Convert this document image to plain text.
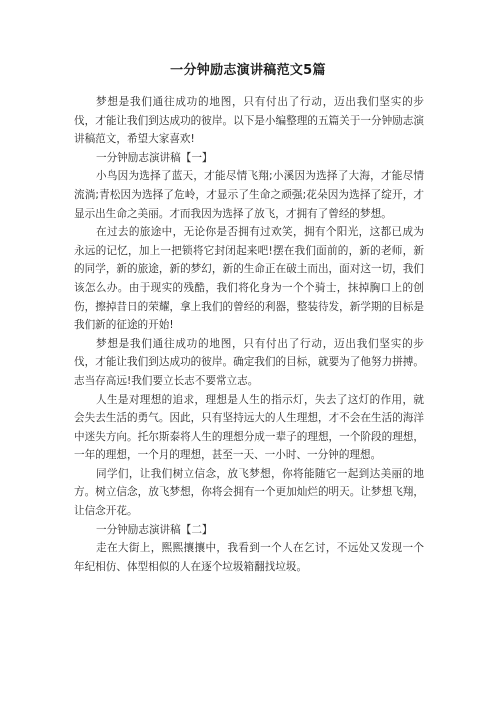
一分钟励志演讲稿范文5篇

梦想是我们通往成功的地图，只有付出了行动，迈出我们坚实的步伐，才能让我们到达成功的彼岸。以下是小编整理的五篇关于一分钟励志演讲稿范文，希望大家喜欢!

一分钟励志演讲稿【一】

小鸟因为选择了蓝天，才能尽情飞翔;小溪因为选择了大海，才能尽情流淌;青松因为选择了危岭，才显示了生命之顽强;花朵因为选择了绽开，才显示出生命之美丽。才而我因为选择了放飞，才拥有了曾经的梦想。

在过去的旅途中，无论你是否拥有过欢笑，拥有个阳光，这都已成为永远的记忆，加上一把锁将它封闭起来吧!摆在我们面前的，新的老师，新的同学，新的旅途，新的梦幻，新的生命正在破土而出，面对这一切，我们该怎么办。由于现实的残酷，我们将化身为一个个骑士，抹掉胸口上的创伤，擦掉昔日的荣耀，拿上我们的曾经的利器，整装待发，新学期的目标是我们新的征途的开始!

梦想是我们通往成功的地图，只有付出了行动，迈出我们坚实的步伐，才能让我们到达成功的彼岸。确定我们的目标，就要为了他努力拼搏。志当存高远!我们要立长志不要常立志。

人生是对理想的追求，理想是人生的指示灯，失去了这灯的作用，就会失去生活的勇气。因此，只有坚持远大的人生理想，才不会在生活的海洋中迷失方向。托尔斯泰将人生的理想分成一辈子的理想，一个阶段的理想，一年的理想，一个月的理想，甚至一天、一小时、一分钟的理想。

同学们，让我们树立信念，放飞梦想，你将能随它一起到达美丽的地方。树立信念，放飞梦想，你将会拥有一个更加灿烂的明天。让梦想飞翔，让信念开花。

一分钟励志演讲稿【二】

走在大街上，熙熙攘攘中，我看到一个人在乞讨，不远处又发现一个年纪相仿、体型相似的人在逐个垃圾箱翻找垃圾。
